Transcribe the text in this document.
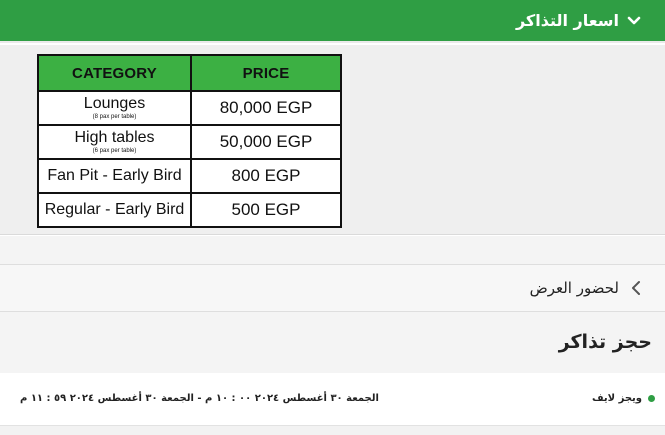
اسعار التذاكر
CATEGORY	PRICE
Lounges
(8 pax per table)	80,000 EGP
High tables
(6 pax per table)	50,000 EGP
Fan Pit - Early Bird	800 EGP
Regular - Early Bird	500 EGP
لحضور العرض
حجز تذاكر
ويجز لايف
الجمعة ٣٠ أغسطس ٢٠٢٤ ٠٠ : ١٠ م - الجمعة ٣٠ أغسطس ٢٠٢٤ ٥٩ : ١١ م
